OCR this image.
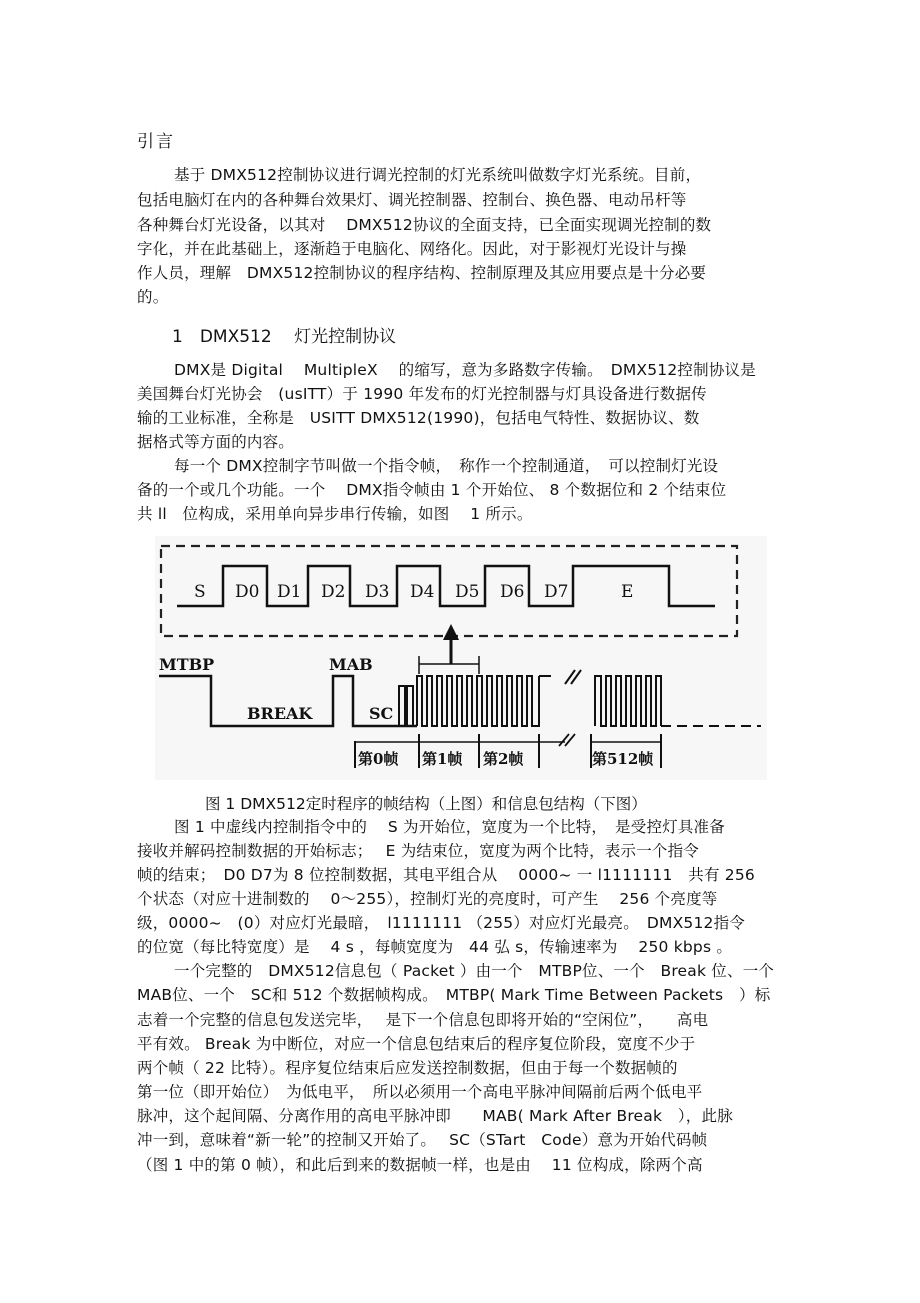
引言
基于 DMX512控制协议进行调光控制的灯光系统叫做数字灯光系统。目前，
包括电脑灯在内的各种舞台效果灯、调光控制器、控制台、换色器、电动吊杆等
各种舞台灯光设备，以其对　 DMX512协议的全面支持，已全面实现调光控制的数
字化，并在此基础上，逐渐趋于电脑化、网络化。因此，对于影视灯光设计与操
作人员，理解　DMX512控制协议的程序结构、控制原理及其应用要点是十分必要
的。
1　DMX512　 灯光控制协议
DMX是 Digital　 MultipleX　 的缩写，意为多路数字传输。　DMX512控制协议是
美国舞台灯光协会　(usITT）于 1990 年发布的灯光控制器与灯具设备进行数据传
输的工业标准，全称是　USITT DMX512(1990)，包括电气特性、数据协议、数
据格式等方面的内容。
每一个 DMX控制字节叫做一个指令帧，　称作一个控制通道，　可以控制灯光设
备的一个或几个功能。一个　 DMX指令帧由 1 个开始位、 8 个数据位和 2 个结束位
共 ll　位构成，采用单向异步串行传输，如图　 1 所示。
S D0 D1 D2 D3 D4 D5 D6 D7	E
MTBP	MAB
BREAK	SC
第0帧 第1帧 第2帧	第512帧
图 1 DMX512定时程序的帧结构（上图）和信息包结构（下图）
图 1 中虚线内控制指令中的　 S 为开始位，宽度为一个比特，　是受控灯具准备
接收并解码控制数据的开始标志；　 E 为结束位，宽度为两个比特，表示一个指令
帧的结束；　D0 D7为 8 位控制数据，其电平组合从　 0000~ 一 l1111111　共有 256
个状态（对应十进制数的　 0～255），控制灯光的亮度时，可产生　 256 个亮度等
级，0000~　(0）对应灯光最暗，　l1111111 （255）对应灯光最亮。　DMX512指令
的位宽（每比特宽度）是　 4 s ，每帧宽度为　44 弘 s，传输速率为　 250 kbps 。
一个完整的　DMX512信息包（ Packet ）由一个　MTBP位、一个　Break 位、一个
MAB位、一个　SC和 512 个数据帧构成。　MTBP( Mark Time Between Packets　）标
志着一个完整的信息包发送完毕，　 是下一个信息包即将开始的“空闲位”，　　高电
平有效。 Break 为中断位，对应一个信息包结束后的程序复位阶段，宽度不少于
两个帧（ 22 比特）。程序复位结束后应发送控制数据，但由于每一个数据帧的
第一位（即开始位）　为低电平，　所以必须用一个高电平脉冲间隔前后两个低电平
脉冲，这个起间隔、分离作用的高电平脉冲即　　MAB( Mark After Break　），此脉
冲一到，意味着“新一轮”的控制又开始了。　 SC（STart　Code）意为开始代码帧
（图 1 中的第 0 帧），和此后到来的数据帧一样，也是由　 11 位构成，除两个高
